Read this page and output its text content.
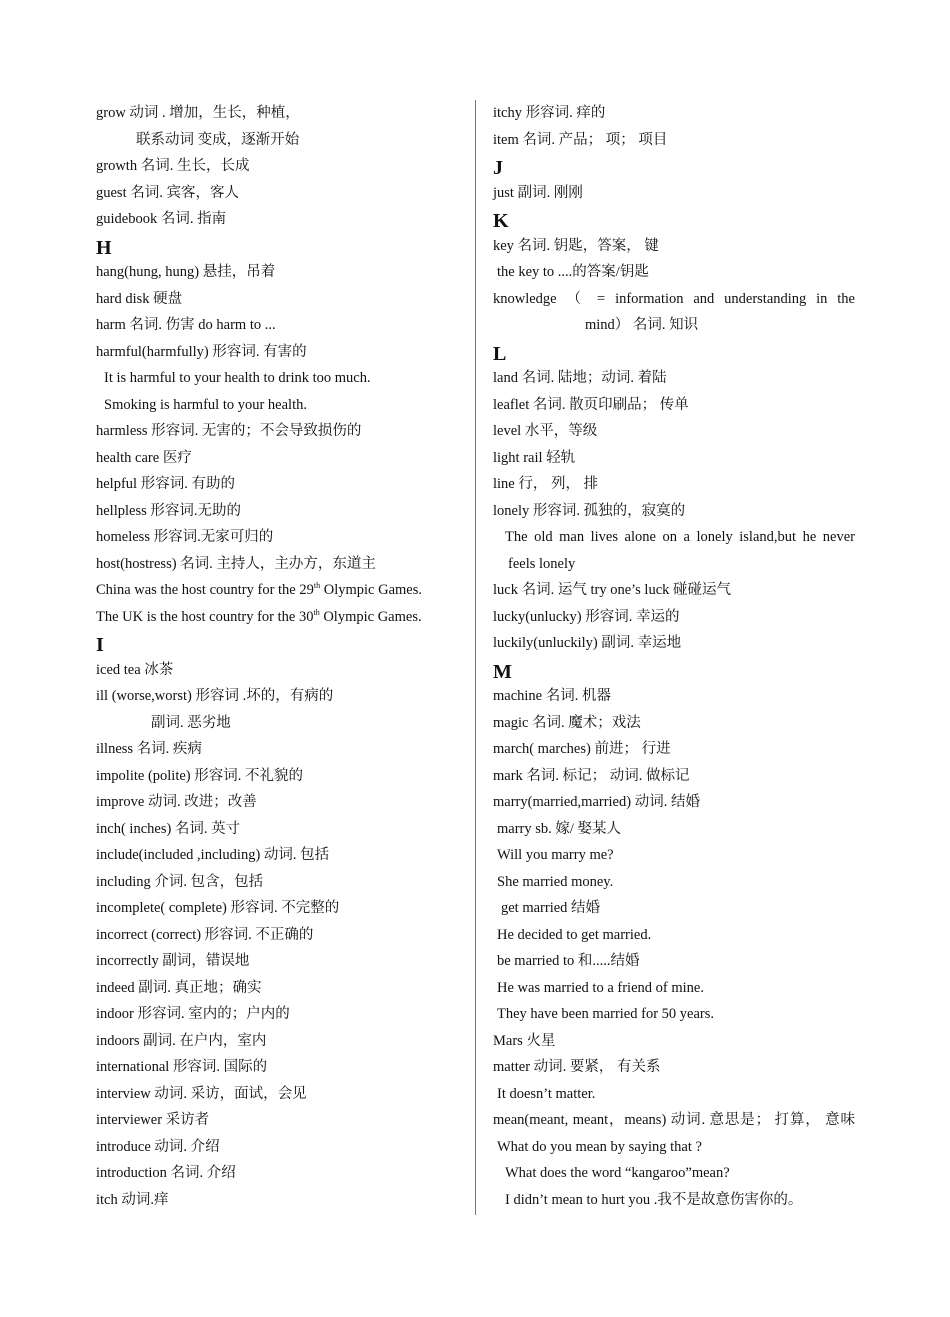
grow 动词 . 增加，生长，种植，
联系动词 变成，逐渐开始
growth 名词. 生长，长成
guest 名词. 宾客，客人
guidebook 名词. 指南
H
hang(hung, hung) 悬挂，吊着
hard disk 硬盘
harm 名词. 伤害 do harm to ...
harmful(harmfully) 形容词. 有害的
It is harmful to your health to drink too much.
Smoking is harmful to your health.
harmless 形容词. 无害的；不会导致损伤的
health care 医疗
helpful 形容词. 有助的
hellpless 形容词.无助的
homeless 形容词.无家可归的
host(hostress) 名词. 主持人，主办方，东道主
China was the host country for the 29th Olympic Games.
The UK is the host country for the 30th Olympic Games.
I
iced tea 冰茶
ill (worse,worst) 形容词 .坏的，有病的
副词. 恶劣地
illness 名词. 疾病
impolite (polite) 形容词. 不礼貌的
improve 动词. 改进；改善
inch( inches) 名词. 英寸
include(included ,including) 动词. 包括
including 介词. 包含，包括
incomplete( complete) 形容词. 不完整的
incorrect (correct) 形容词. 不正确的
incorrectly 副词，错误地
indeed 副词. 真正地；确实
indoor 形容词. 室内的；户内的
indoors 副词. 在户内，室内
international 形容词. 国际的
interview 动词. 采访，面试，会见
interviewer 采访者
introduce 动词. 介绍
introduction 名词. 介绍
itch 动词.痒
itchy 形容词. 痒的
item 名词. 产品； 项； 项目
J
just 副词. 刚刚
K
key 名词. 钥匙，答案， 键
the key to ....的答案/钥匙
knowledge （ = information and understanding in the
mind） 名词. 知识
L
land 名词. 陆地；动词. 着陆
leaflet 名词. 散页印刷品； 传单
level 水平，等级
light rail 轻轨
line 行， 列， 排
lonely 形容词. 孤独的，寂寞的
The old man lives alone on a lonely island,but he never
feels lonely
luck 名词. 运气 try one’s luck 碰碰运气
lucky(unlucky) 形容词. 幸运的
luckily(unluckily) 副词. 幸运地
M
machine 名词. 机器
magic 名词. 魔术；戏法
march( marches) 前进； 行进
mark 名词. 标记； 动词. 做标记
marry(married,married) 动词. 结婚
marry sb. 嫁/ 娶某人
Will you marry me?
She married money.
get married 结婚
He decided to get married.
be married to 和.....结婚
He was married to a friend of mine.
They have been married for 50 years.
Mars 火星
matter 动词. 要紧， 有关系
It doesn’t matter.
mean(meant, meant，means) 动词. 意思是； 打算， 意味
What do you mean by saying that ?
What does the word “kangaroo”mean?
I didn’t mean to hurt you .我不是故意伤害你的。
